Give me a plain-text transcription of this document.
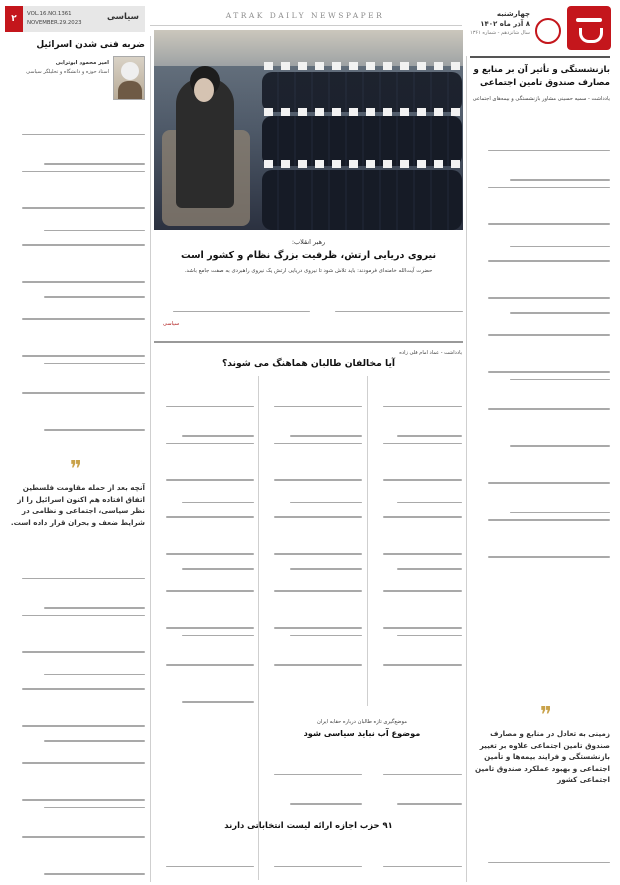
چهارشنبه
۸ آذر ماه ۱۴۰۲
سال شانزدهم ‑ شماره ۱۳۶۱
بازنشستگی و تأثیر آن بر منابع و مصارف صندوق تامین اجتماعی
یادداشت ‑ سمیه حسینی مشاور بازنشستگی و بیمه‌های اجتماعی
❞
زمینی به تعادل در منابع و مصارف صندوق تامین اجتماعی علاوه بر تغییر بازنشستگی و فرایند بیمه‌ها و تأمین اجتماعی و بهبود عملکرد صندوق تامین اجتماعی کشور
ATRAK DAILY NEWSPAPER
رهبر انقلاب:
نیروی دریایی ارتش، ظرفیت بزرگ نظام و کشور است
حضرت آیت‌الله خامنه‌ای فرمودند: باید تلاش شود تا نیروی دریایی ارتش یک نیروی راهبردی به صفت جامع باشد.
سیاسی
یادداشت ‑ عماد امام قلی زاده
آیا مخالفان طالبان هماهنگ می شوند؟
موضع‌گیری تازه طالبان درباره حقابه ایران
موضوع آب نباید سیاسی شود
۹۱ حزب اجازه ارائه لیست انتخاباتی دارند
۲	VOL.16.NO.1361
NOVEMBER.29.2023
سیاسی
ضربه فنی شدن اسرائیل
امیر محمود ابوترابی
استاد حوزه و دانشگاه و تحلیلگر سیاسی
❞
آنچه بعد از حمله مقاومت فلسطین اتفاق افتاده هم اکنون اسرائیل را از نظر سیاسی، اجتماعی و نظامی در شرایط ضعف و بحران قرار داده است.
